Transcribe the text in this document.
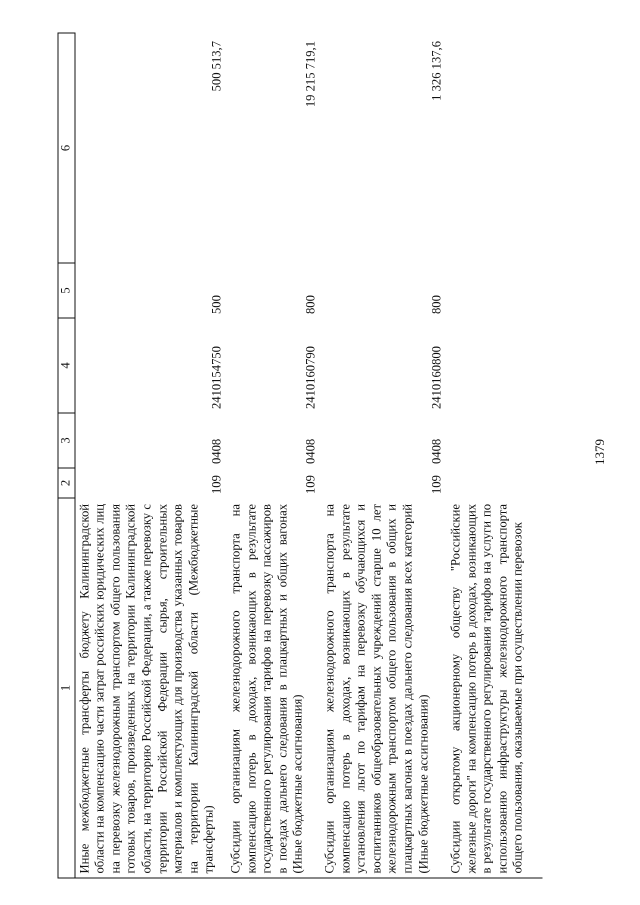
1379
1	2	3	4	5	6
Иные межбюджетные трансферты бюджету Калининградской области на компенсацию части затрат российских юридических лиц на перевозку железнодорожным транспортом общего пользования готовых товаров, произведенных на территории Калининградской области, на территорию Российской Федерации, а также перевозку с территории Российской Федерации сырья, строительных материалов и комплектующих для производства указанных товаров на территории Калининградской области (Межбюджетные трансферты)	109	0408	2410154750	500	500 513,7
Субсидии организациям железнодорожного транспорта на компенсацию потерь в доходах, возникающих в результате государственного регулирования тарифов на перевозку пассажиров в поездах дальнего следования в плацкартных и общих вагонах (Иные бюджетные ассигнования)	109	0408	2410160790	800	19 215 719,1
Субсидии организациям железнодорожного транспорта на компенсацию потерь в доходах, возникающих в результате установления льгот по тарифам на перевозку обучающихся и воспитанников общеобразовательных учреждений старше 10 лет железнодорожным транспортом общего пользования в общих и плацкартных вагонах в поездах дальнего следования всех категорий (Иные бюджетные ассигнования)	109	0408	2410160800	800	1 326 137,6
Субсидии открытому акционерному обществу "Российские железные дороги" на компенсацию потерь в доходах, возникающих в результате государственного регулирования тарифов на услуги по использованию инфраструктуры железнодорожного транспорта общего пользования, оказываемые при осуществлении перевозок					
